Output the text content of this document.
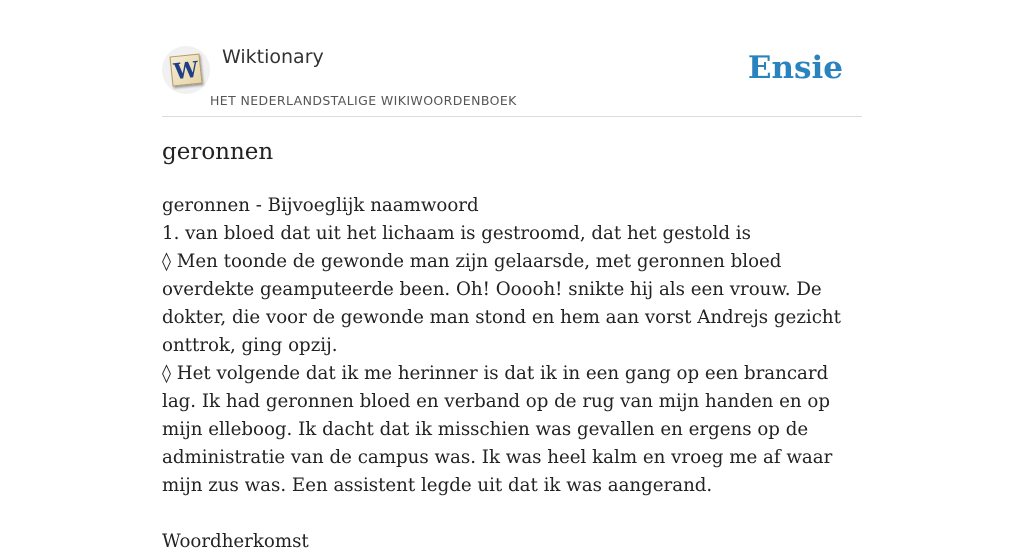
W Wiktionary
HET NEDERLANDSTALIGE WIKIWOORDENBOEK
Ensie
geronnen

geronnen - Bijvoeglijk naamwoord

1. van bloed dat uit het lichaam is gestroomd, dat het gestold is

◊ Men toonde de gewonde man zijn gelaarsde, met geronnen bloed overdekte geamputeerde been. Oh! Ooooh! snikte hij als een vrouw. De dokter, die voor de gewonde man stond en hem aan vorst Andrejs gezicht onttrok, ging opzij.

◊ Het volgende dat ik me herinner is dat ik in een gang op een brancard lag. Ik had geronnen bloed en verband op de rug van mijn handen en op mijn elleboog. Ik dacht dat ik misschien was gevallen en ergens op de administratie van de campus was. Ik was heel kalm en vroeg me af waar mijn zus was. Een assistent legde uit dat ik was aangerand.

Woordherkomst
